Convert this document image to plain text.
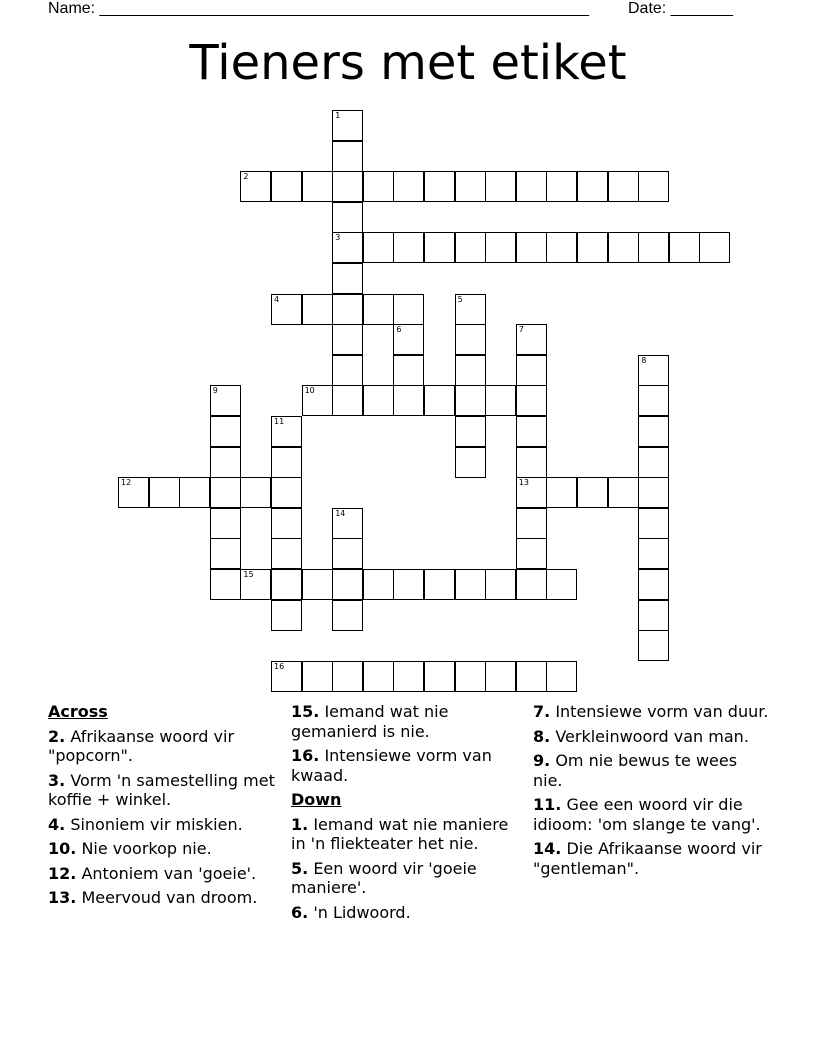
Name: _______________________________________________________ Date: _______
Tieners met etiket
1
3
2
4	5
6	7
13
8
9	10
11
12
14
15
16
Across
2. Afrikaanse woord vir "popcorn".
3. Vorm 'n samestelling met koffie + winkel.
4. Sinoniem vir miskien.
10. Nie voorkop nie.
12. Antoniem van 'goeie'.
13. Meervoud van droom.
15. Iemand wat nie gemanierd is nie.
16. Intensiewe vorm van kwaad.
Down
1. Iemand wat nie maniere in 'n fliekteater het nie.
5. Een woord vir 'goeie maniere'.
6. 'n Lidwoord.
7. Intensiewe vorm van duur.
8. Verkleinwoord van man.
9. Om nie bewus te wees nie.
11. Gee een woord vir die idioom: 'om slange te vang'.
14. Die Afrikaanse woord vir "gentleman".
